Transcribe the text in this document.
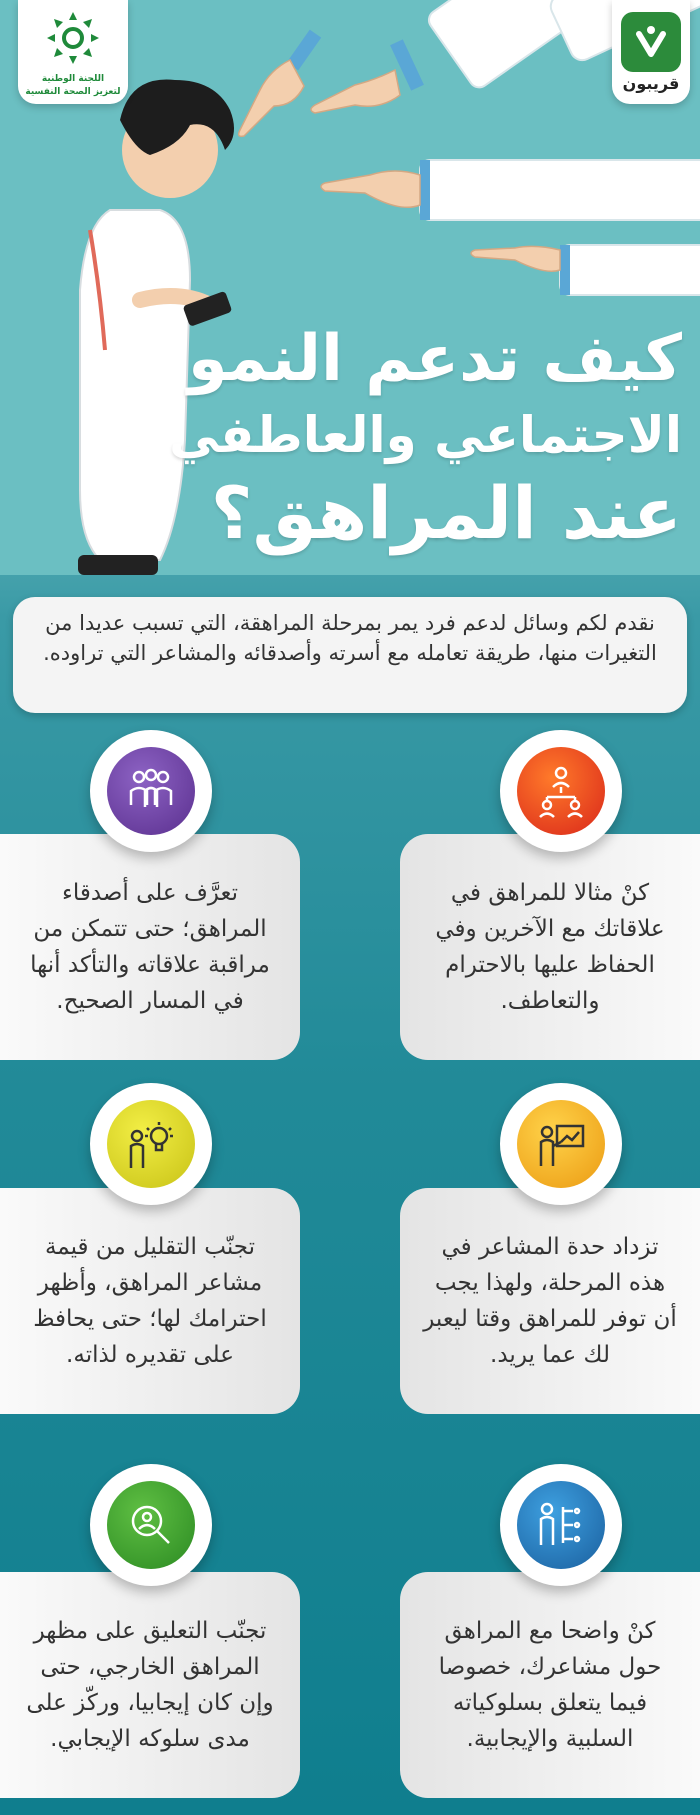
اللجنة الوطنية
لتعزيز الصحة النفسية	قريبون
كيف تدعم النمو
الاجتماعي والعاطفي
عند المراهق؟
نقدم لكم وسائل لدعم فرد يمر بمرحلة المراهقة، التي تسبب عديدا من التغيرات منها، طريقة تعامله مع أسرته وأصدقائه والمشاعر التي تراوده.
كنْ مثالا للمراهق في علاقاتك مع الآخرين وفي الحفاظ عليها بالاحترام والتعاطف.
تعرَّف على أصدقاء المراهق؛ حتى تتمكن من مراقبة علاقاته والتأكد أنها في المسار الصحيح.
تزداد حدة المشاعر في هذه المرحلة، ولهذا يجب أن توفر للمراهق وقتا ليعبر لك عما يريد.
تجنّب التقليل من قيمة مشاعر المراهق، وأظهر احترامك لها؛ حتى يحافظ على تقديره لذاته.
كنْ واضحا مع المراهق حول مشاعرك، خصوصا فيما يتعلق بسلوكياته السلبية والإيجابية.
تجنّب التعليق على مظهر المراهق الخارجي، حتى وإن كان إيجابيا، وركّز على مدى سلوكه الإيجابي.
